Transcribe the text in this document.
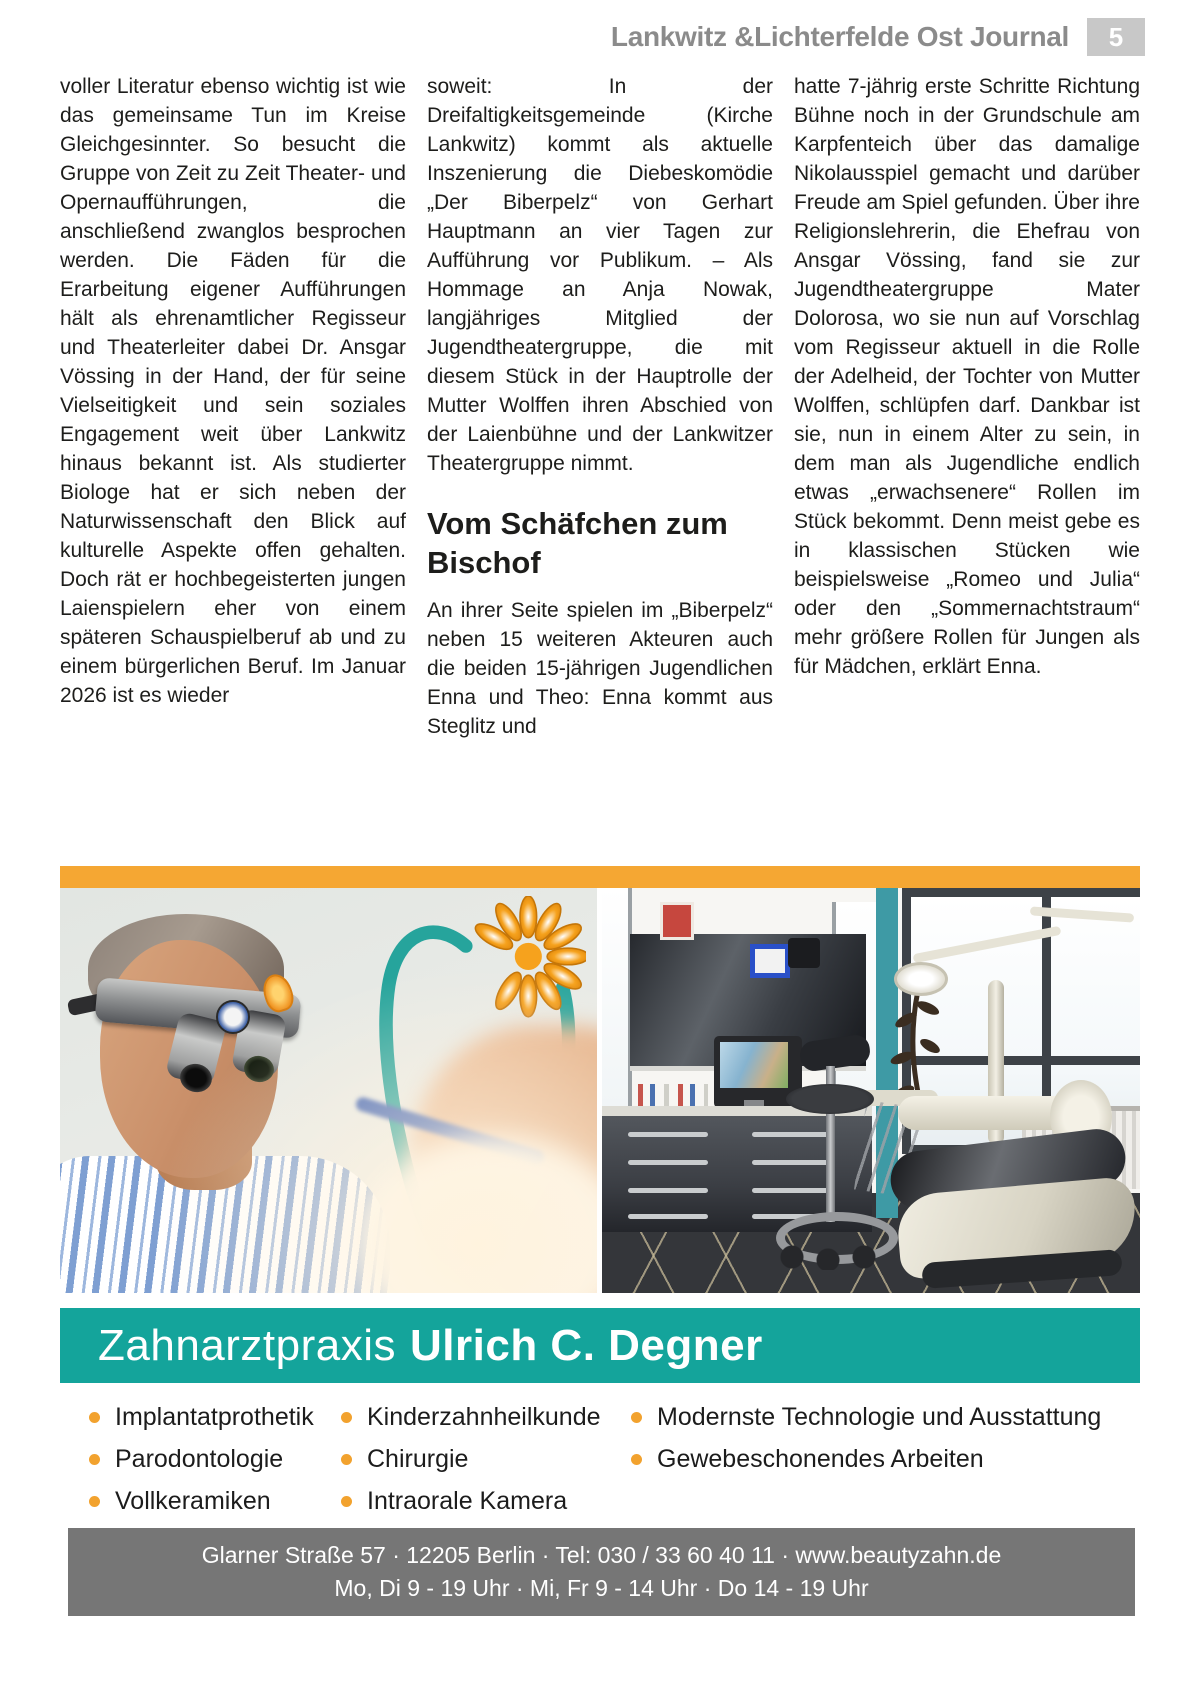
Lankwitz &Lichterfelde Ost Journal	5

voller Literatur ebenso wichtig ist wie das gemeinsame Tun im Kreise Gleichgesinnter. So besucht die Gruppe von Zeit zu Zeit Theater- und Opernaufführungen, die anschließend zwanglos besprochen werden. Die Fäden für die Erarbeitung eigener Aufführungen hält als ehrenamtlicher Regisseur und Theaterleiter dabei Dr. Ansgar Vössing in der Hand, der für seine Vielseitigkeit und sein soziales Engagement weit über Lankwitz hinaus bekannt ist. Als studierter Biologe hat er sich neben der Naturwissenschaft den Blick auf kulturelle Aspekte offen gehalten. Doch rät er hochbegeisterten jungen Laienspielern eher von einem späteren Schauspielberuf ab und zu einem bürgerlichen Beruf. Im Januar 2026 ist es wieder

soweit: In der Dreifaltigkeitsgemeinde (Kirche Lankwitz) kommt als aktuelle Inszenierung die Diebeskomödie „Der Biberpelz“ von Gerhart Hauptmann an vier Tagen zur Aufführung vor Publikum. – Als Hommage an Anja Nowak, langjähriges Mitglied der Jugendtheatergruppe, die mit diesem Stück in der Hauptrolle der Mutter Wolffen ihren Abschied von der Laienbühne und der Lankwitzer Theatergruppe nimmt.

Vom Schäfchen zum Bischof

An ihrer Seite spielen im „Biberpelz“ neben 15 weiteren Akteuren auch die beiden 15-jährigen Jugendlichen Enna und Theo: Enna kommt aus Steglitz und

hatte 7-jährig erste Schritte Richtung Bühne noch in der Grundschule am Karpfenteich über das damalige Nikolausspiel gemacht und darüber Freude am Spiel gefunden. Über ihre Religionslehrerin, die Ehefrau von Ansgar Vössing, fand sie zur Jugendtheatergruppe Mater Dolorosa, wo sie nun auf Vorschlag vom Regisseur aktuell in die Rolle der Adelheid, der Tochter von Mutter Wolffen, schlüpfen darf. Dankbar ist sie, nun in einem Alter zu sein, in dem man als Jugendliche endlich etwas „erwachsenere“ Rollen im Stück bekommt. Denn meist gebe es in klassischen Stücken wie beispielsweise „Romeo und Julia“ oder den „Sommernachtstraum“ mehr größere Rollen für Jungen als für Mädchen, erklärt Enna.

Zahnarztpraxis Ulrich C. Degner
Implantatprothetik
Parodontologie
Vollkeramiken
Kinderzahnheilkunde
Chirurgie
Intraorale Kamera
Modernste Technologie und Ausstattung
Gewebeschonendes Arbeiten
Glarner Straße 57 · 12205 Berlin · Tel: 030 / 33 60 40 11 · www.beautyzahn.de
Mo, Di 9 - 19 Uhr · Mi, Fr 9 - 14 Uhr · Do 14 - 19 Uhr
